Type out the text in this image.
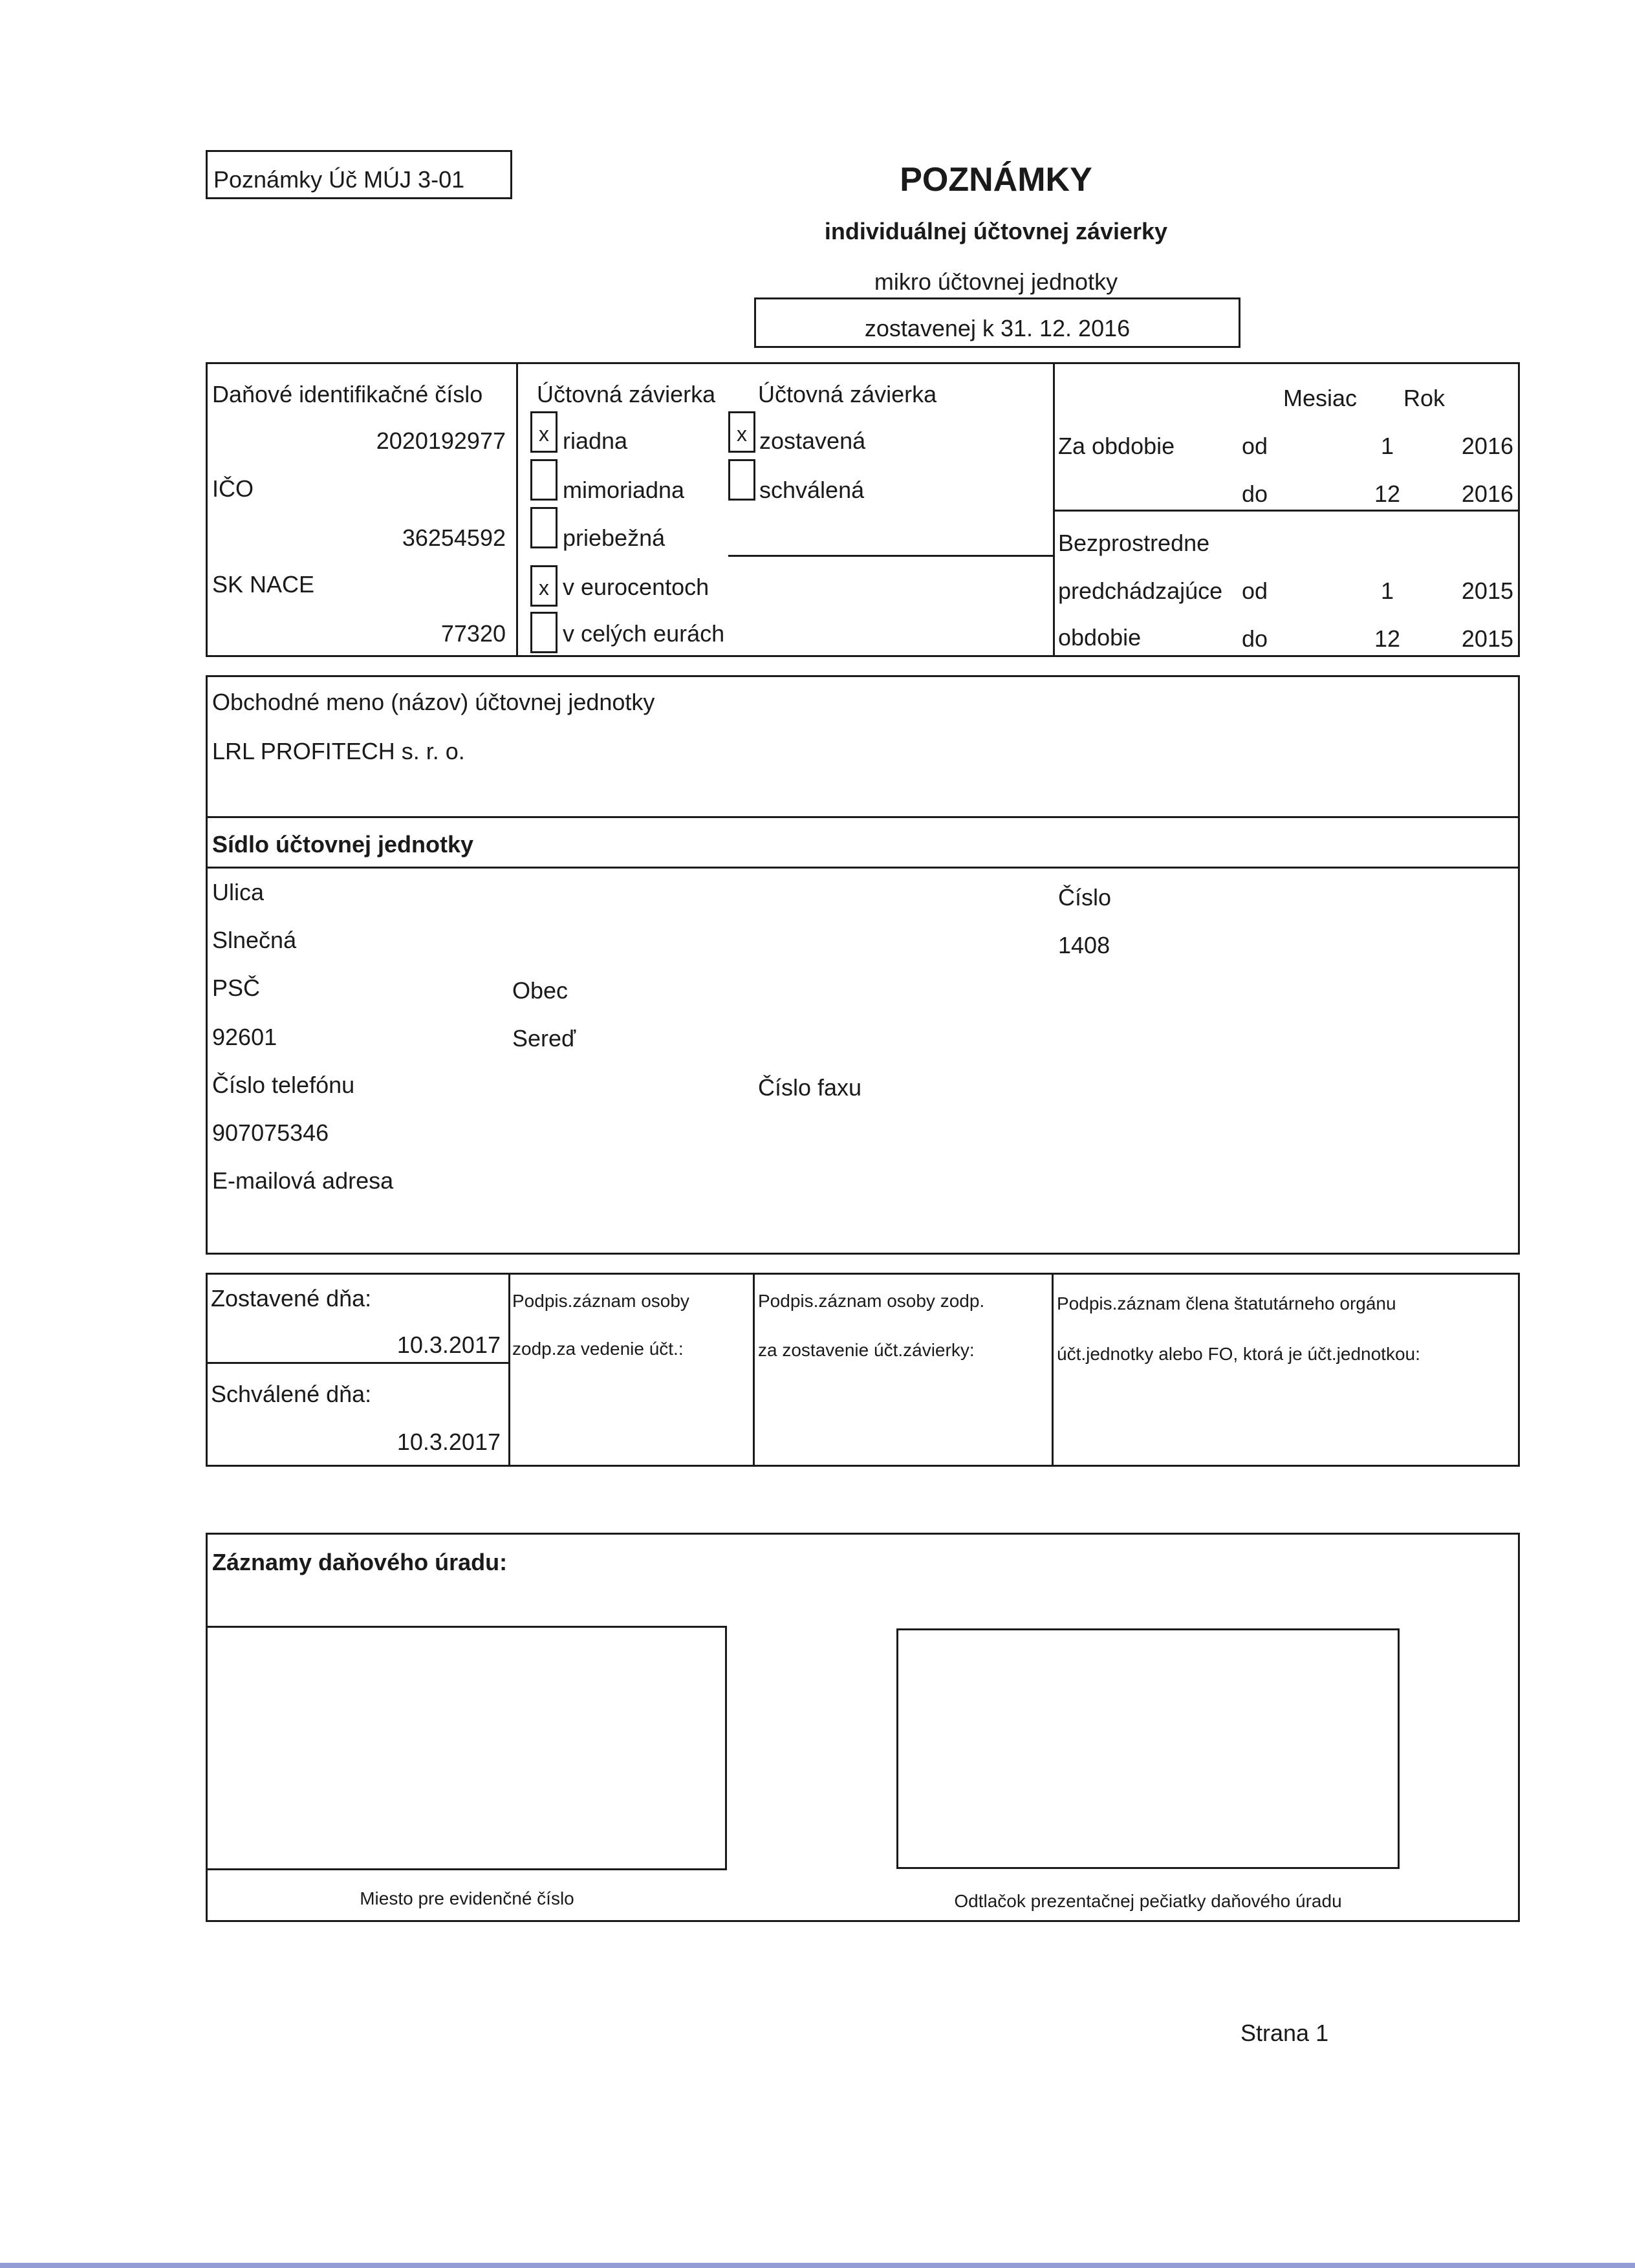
Poznámky Úč MÚJ 3-01	POZNÁMKY
individuálnej účtovnej závierky
mikro účtovnej jednotky
zostavenej k 31. 12. 2016
Daňové identifikačné číslo
2020192977
IČO
36254592
SK NACE
77320
Účtovná závierka
x riadna
mimoriadna
priebežná
Účtovná závierka
x zostavená
schválená
x v eurocentoch
v celých eurách
Mesiac Rok
Za obdobie	od	1	2016
do	12	2016
Bezprostredne
predchádzajúce
obdobie
od	1	2015
do	12	2015
Obchodné meno (názov) účtovnej jednotky
LRL PROFITECH s. r. o.
Sídlo účtovnej jednotky
Ulica
Slnečná
Číslo
1408
PSČ
92601
Obec
Sereď
Číslo telefónu
907075346
Číslo faxu
E-mailová adresa
Zostavené dňa:
10.3.2017
Schválené dňa:
10.3.2017
Podpis.záznam osoby
zodp.za vedenie účt.:
Podpis.záznam osoby zodp.
za zostavenie účt.závierky:
Podpis.záznam člena štatutárneho orgánu
účt.jednotky alebo FO, ktorá je účt.jednotkou:
Záznamy daňového úradu:
Miesto pre evidenčné číslo	Odtlačok prezentačnej pečiatky daňového úradu
Strana 1
